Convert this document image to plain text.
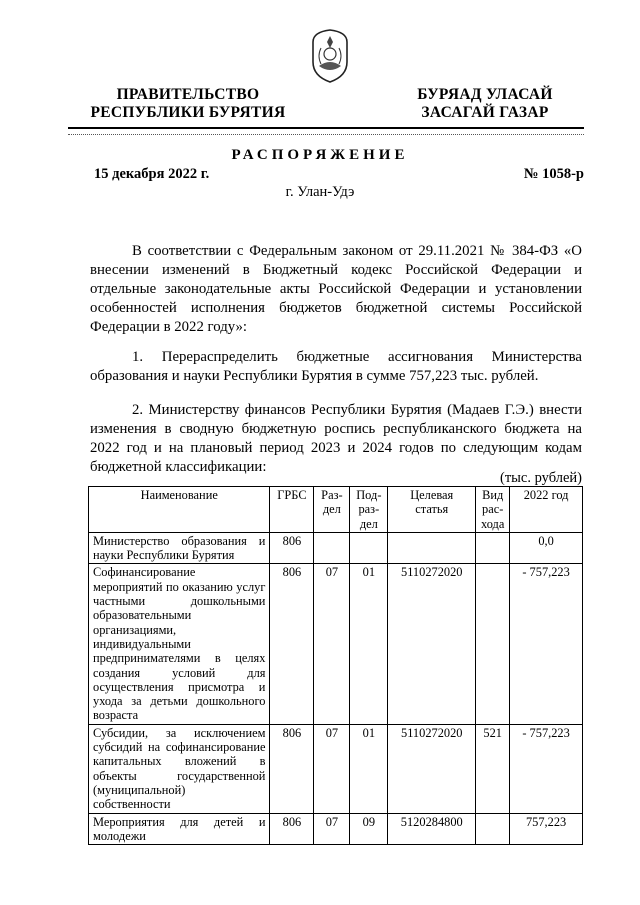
ПРАВИТЕЛЬСТВО
РЕСПУБЛИКИ БУРЯТИЯ
БУРЯАД УЛАСАЙ
ЗАСАГАЙ ГАЗАР
РАСПОРЯЖЕНИЕ
15 декабря 2022 г.	№ 1058-р
г. Улан-Удэ
В соответствии с Федеральным законом от 29.11.2021 № 384-ФЗ «О внесении изменений в Бюджетный кодекс Российской Федерации и отдельные законодательные акты Российской Федерации и установлении особенностей исполнения бюджетов бюджетной системы Российской Федерации в 2022 году»:
1. Перераспределить бюджетные ассигнования Министерства образования и науки Республики Бурятия в сумме 757,223 тыс. рублей.
2. Министерству финансов Республики Бурятия (Мадаев Г.Э.) внести изменения в сводную бюджетную роспись республиканского бюджета на 2022 год и на плановый период 2023 и 2024 годов по следующим кодам бюджетной классификации:
(тыс. рублей)
Наименование	ГРБС	Раз-дел	Под-раз-дел	Целевая статья	Вид рас-хода	2022 год
Министерство образования и науки Республики Бурятия	806					0,0
Софинансирование мероприятий по оказанию услуг частными дошкольными образовательными организациями, индивидуальными предпринимателями в целях создания условий для осуществления присмотра и ухода за детьми дошкольного возраста	806	07	01	5110272020		- 757,223
Субсидии, за исключением субсидий на софинансирование капитальных вложений в объекты государственной (муниципальной) собственности	806	07	01	5110272020	521	- 757,223
Мероприятия для детей и молодежи	806	07	09	5120284800		757,223
